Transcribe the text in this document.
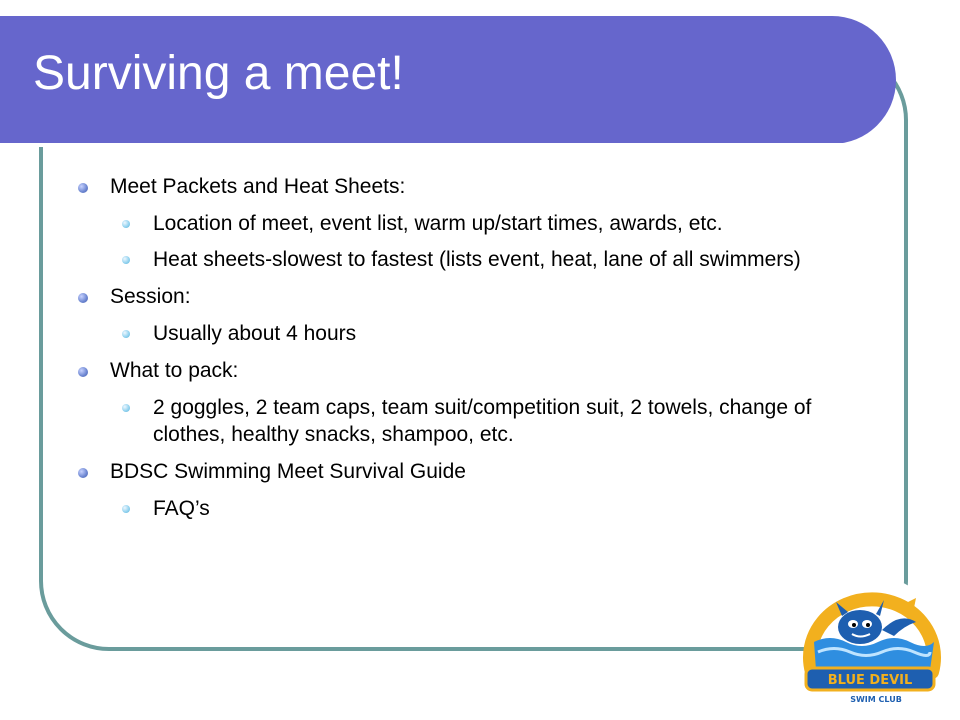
Surviving a meet!
Meet Packets and Heat Sheets:
Location of meet, event list, warm up/start times, awards, etc.
Heat sheets-slowest to fastest (lists event, heat, lane of all swimmers)
Session:
Usually about 4 hours
What to pack:
2 goggles, 2 team caps, team suit/competition suit, 2 towels, change of clothes, healthy snacks, shampoo, etc.
BDSC Swimming Meet Survival Guide
FAQ’s
BLUE DEVIL
SWIM CLUB
